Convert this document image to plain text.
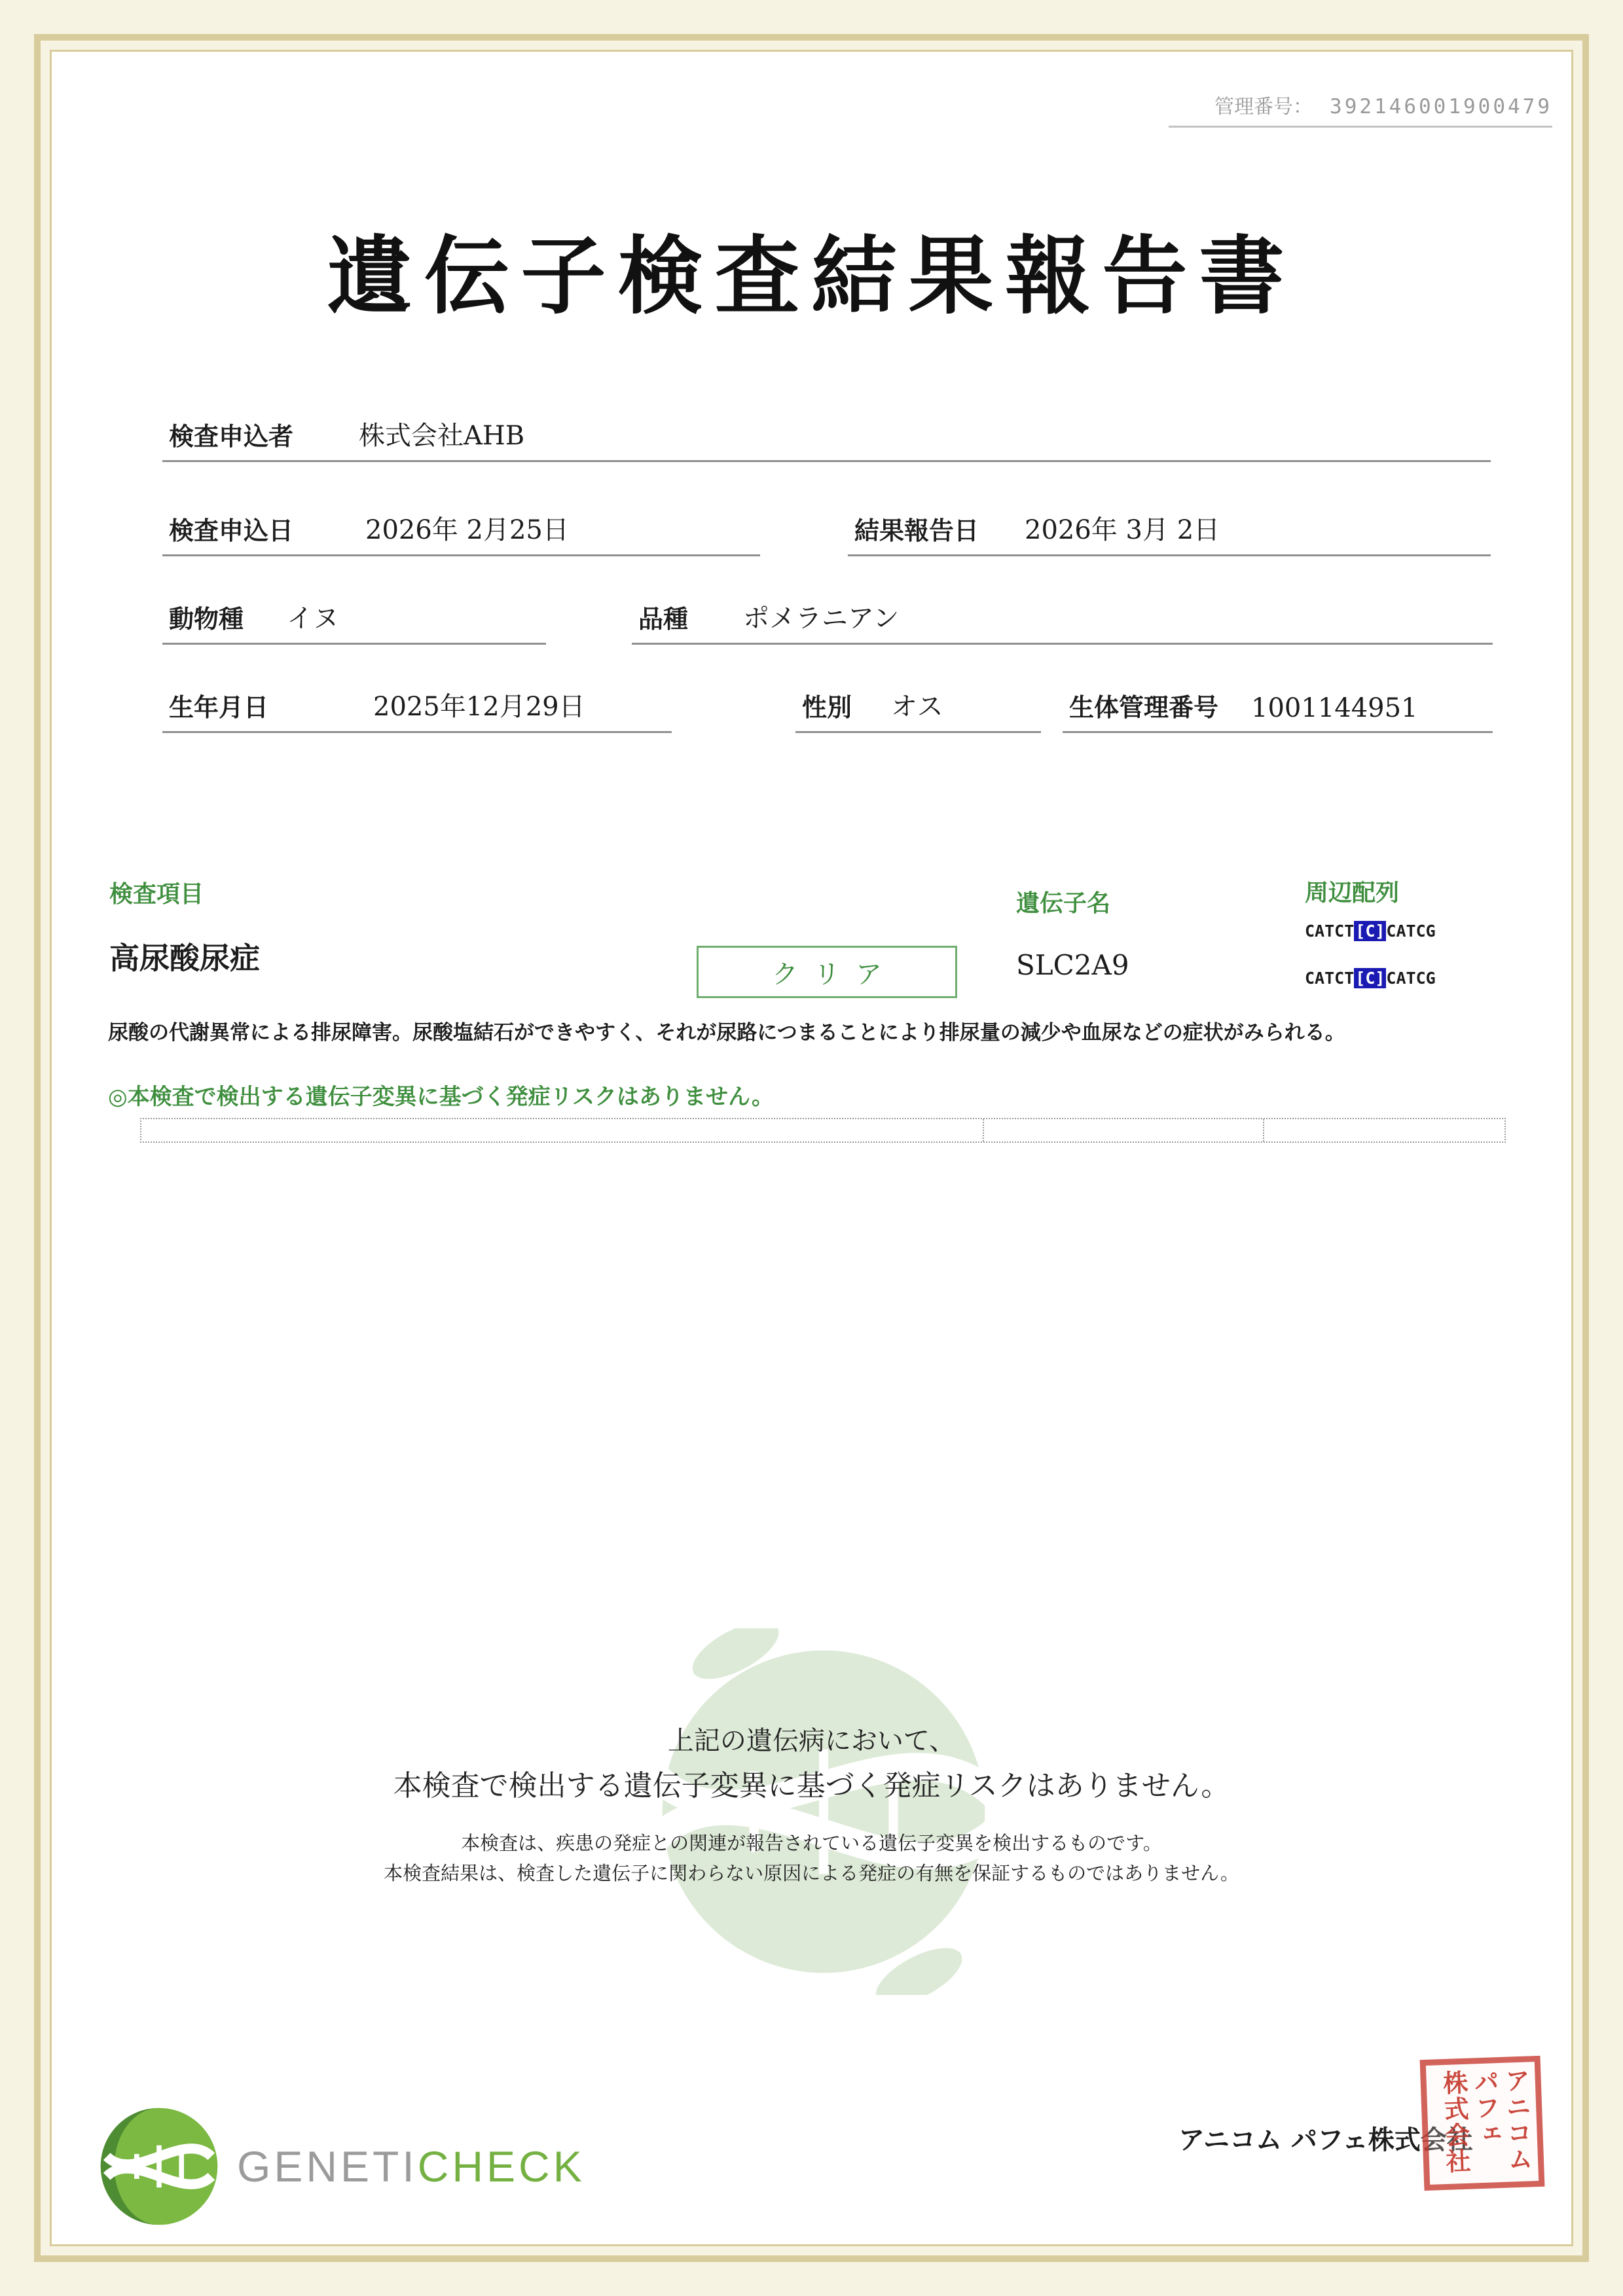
管理番号： 392146001900479
遺伝子検査結果報告書
検査申込者	株式会社AHB
検査申込日	2026年 2月25日	結果報告日 2026年 3月 2日
動物種 イヌ	品種 ポメラニアン
生年月日	2025年12月29日	性別 オス	生体管理番号 1001144951
検査項目	遺伝子名	周辺配列
高尿酸尿症	クリア	SLC2A9
CATCT[C]CATCG
CATCT[C]CATCG
尿酸の代謝異常による排尿障害。尿酸塩結石ができやすく、それが尿路につまることにより排尿量の減少や血尿などの症状がみられる。
◎本検査で検出する遺伝子変異に基づく発症リスクはありません。
上記の遺伝病において、
本検査で検出する遺伝子変異に基づく発症リスクはありません。
本検査は、疾患の発症との関連が報告されている遺伝子変異を検出するものです。
本検査結果は、検査した遺伝子に関わらない原因による発症の有無を保証するものではありません。
GENETICHECK
アニコム パフェ株式会社 アニコム
パフェ
株式会社
